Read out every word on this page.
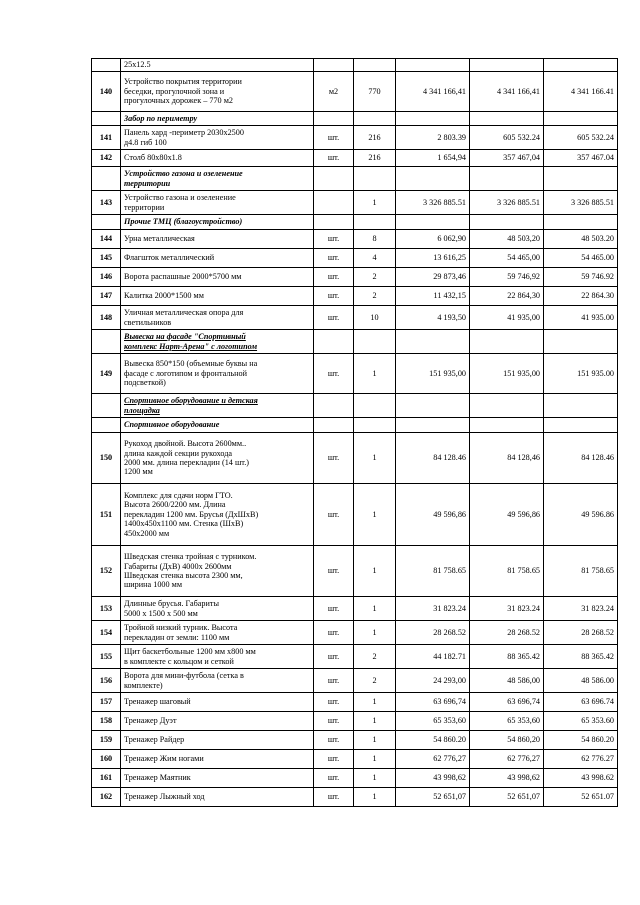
	25x12.5					
140	Устройство покрытия территории
беседки, прогулочной зона и
прогулочных дорожек – 770 м2	м2	770	4 341 166,41	4 341 166,41	4 341 166.41
	Забор по периметру					
141	Панель хард -периметр 2030х2500
д4.8 гиб 100	шт.	216	2 803.39	605 532.24	605 532.24
142	Столб 80х80х1.8	шт.	216	1 654,94	357 467,04	357 467.04
	Устройство газона и озеленение
территории					
143	Устройство газона и озеленение
территории		1	3 326 885.51	3 326 885.51	3 326 885.51
	Прочие ТМЦ (благоустройство)					
144	Урна металлическая	шт.	8	6 062,90	48 503,20	48 503.20
145	Флагшток металлический	шт.	4	13 616,25	54 465,00	54 465.00
146	Ворота распашные 2000*5700 мм	шт.	2	29 873,46	59 746,92	59 746.92
147	Калитка 2000*1500 мм	шт.	2	11 432,15	22 864,30	22 864.30
148	Уличная металлическая опора для
светильников	шт.	10	4 193,50	41 935,00	41 935.00
	Вывеска на фасаде "Спортивный
комплекс Нарт-Арена" с логотипом					
149	Вывеска 850*150 (объемные буквы на
фасаде с логотипом и фронтальной
подсветкой)	шт.	1	151 935,00	151 935,00	151 935.00
	Спортивное оборудование и детская
площадка					
	Спортивное оборудование					
150	Рукоход двойной. Высота 2600мм..
длина каждой секции рукохода
2000 мм. длина перекладин (14 шт.)
1200 мм	шт.	1	84 128.46	84 128,46	84 128.46
151	Комплекс для сдачи норм ГТО.
Высота 2600/2200 мм. Длина
перекладин 1200 мм. Брусья (ДхШхВ)
1400х450х1100 мм. Стенка (ШхВ)
450х2000 мм	шт.	1	49 596,86	49 596,86	49 596.86
152	Шведская стенка тройная с турником.
Габариты (ДхВ) 4000х 2600мм
Шведская стенка высота 2300 мм,
ширина 1000 мм	шт.	1	81 758.65	81 758.65	81 758.65
153	Длинные брусья. Габариты
5000 х 1500 х 500 мм	шт.	1	31 823.24	31 823.24	31 823.24
154	Тройной низкий турник. Высота
перекладин от земли: 1100 мм	шт.	1	28 268.52	28 268.52	28 268.52
155	Щит баскетбольные 1200 мм х800 мм
в комплекте с кольцом и сеткой	шт.	2	44 182.71	88 365.42	88 365.42
156	Ворота для мини-футбола (сетка в
комплекте)	шт.	2	24 293,00	48 586,00	48 586.00
157	Тренажер шаговый	шт.	1	63 696,74	63 696,74	63 696.74
158	Тренажер Дуэт	шт.	1	65 353,60	65 353,60	65 353.60
159	Тренажер Райдер	шт.	1	54 860.20	54 860,20	54 860.20
160	Тренажер Жим ногами	шт.	1	62 776,27	62 776,27	62 776.27
161	Тренажер Маятник	шт.	1	43 998,62	43 998,62	43 998.62
162	Тренажер Лыжный ход	шт.	1	52 651,07	52 651,07	52 651.07
